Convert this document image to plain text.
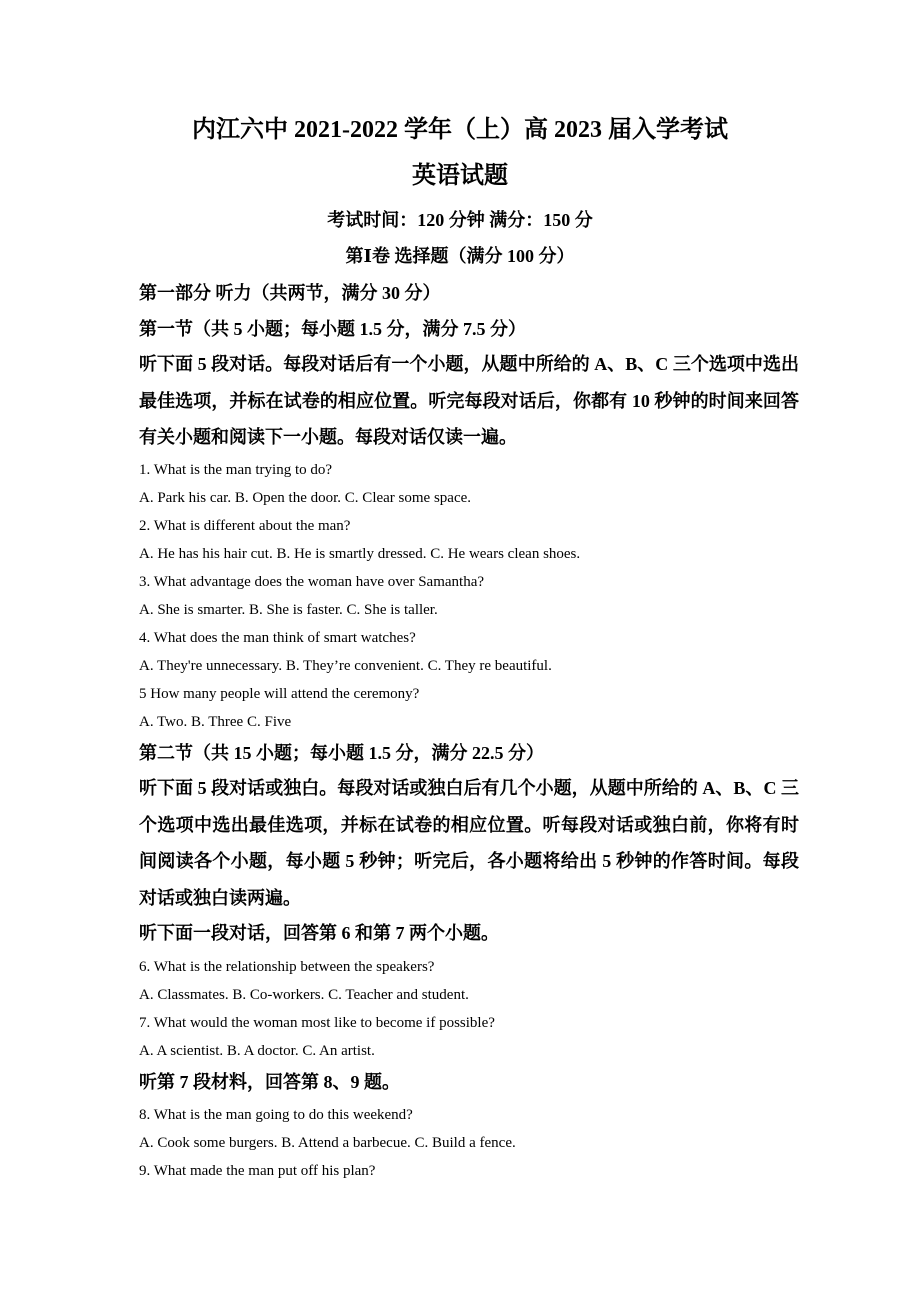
内江六中 2021-2022 学年（上）高 2023 届入学考试
英语试题
考试时间：120 分钟 满分：150 分
第Ⅰ卷 选择题（满分 100 分）
第一部分 听力（共两节，满分 30 分）
第一节（共 5 小题；每小题 1.5 分，满分 7.5 分）
听下面 5 段对话。每段对话后有一个小题，从题中所给的 A、B、C 三个选项中选出最佳选项，并标在试卷的相应位置。听完每段对话后，你都有 10 秒钟的时间来回答有关小题和阅读下一小题。每段对话仅读一遍。
1. What is the man trying to do?
A. Park his car. B. Open the door. C. Clear some space.
2. What is different about the man?
A. He has his hair cut. B. He is smartly dressed. C. He wears clean shoes.
3. What advantage does the woman have over Samantha?
A. She is smarter. B. She is faster. C. She is taller.
4. What does the man think of smart watches?
A. They're unnecessary. B. They’re convenient. C. They re beautiful.
5 How many people will attend the ceremony?
A. Two. B. Three C. Five
第二节（共 15 小题；每小题 1.5 分，满分 22.5 分）
听下面 5 段对话或独白。每段对话或独白后有几个小题，从题中所给的 A、B、C 三个选项中选出最佳选项，并标在试卷的相应位置。听每段对话或独白前，你将有时间阅读各个小题，每小题 5 秒钟；听完后，各小题将给出 5 秒钟的作答时间。每段对话或独白读两遍。
听下面一段对话，回答第 6 和第 7 两个小题。
6. What is the relationship between the speakers?
A. Classmates. B. Co-workers. C. Teacher and student.
7. What would the woman most like to become if possible?
A. A scientist. B. A doctor. C. An artist.
听第 7 段材料，回答第 8、9 题。
8. What is the man going to do this weekend?
A. Cook some burgers. B. Attend a barbecue. C. Build a fence.
9. What made the man put off his plan?
